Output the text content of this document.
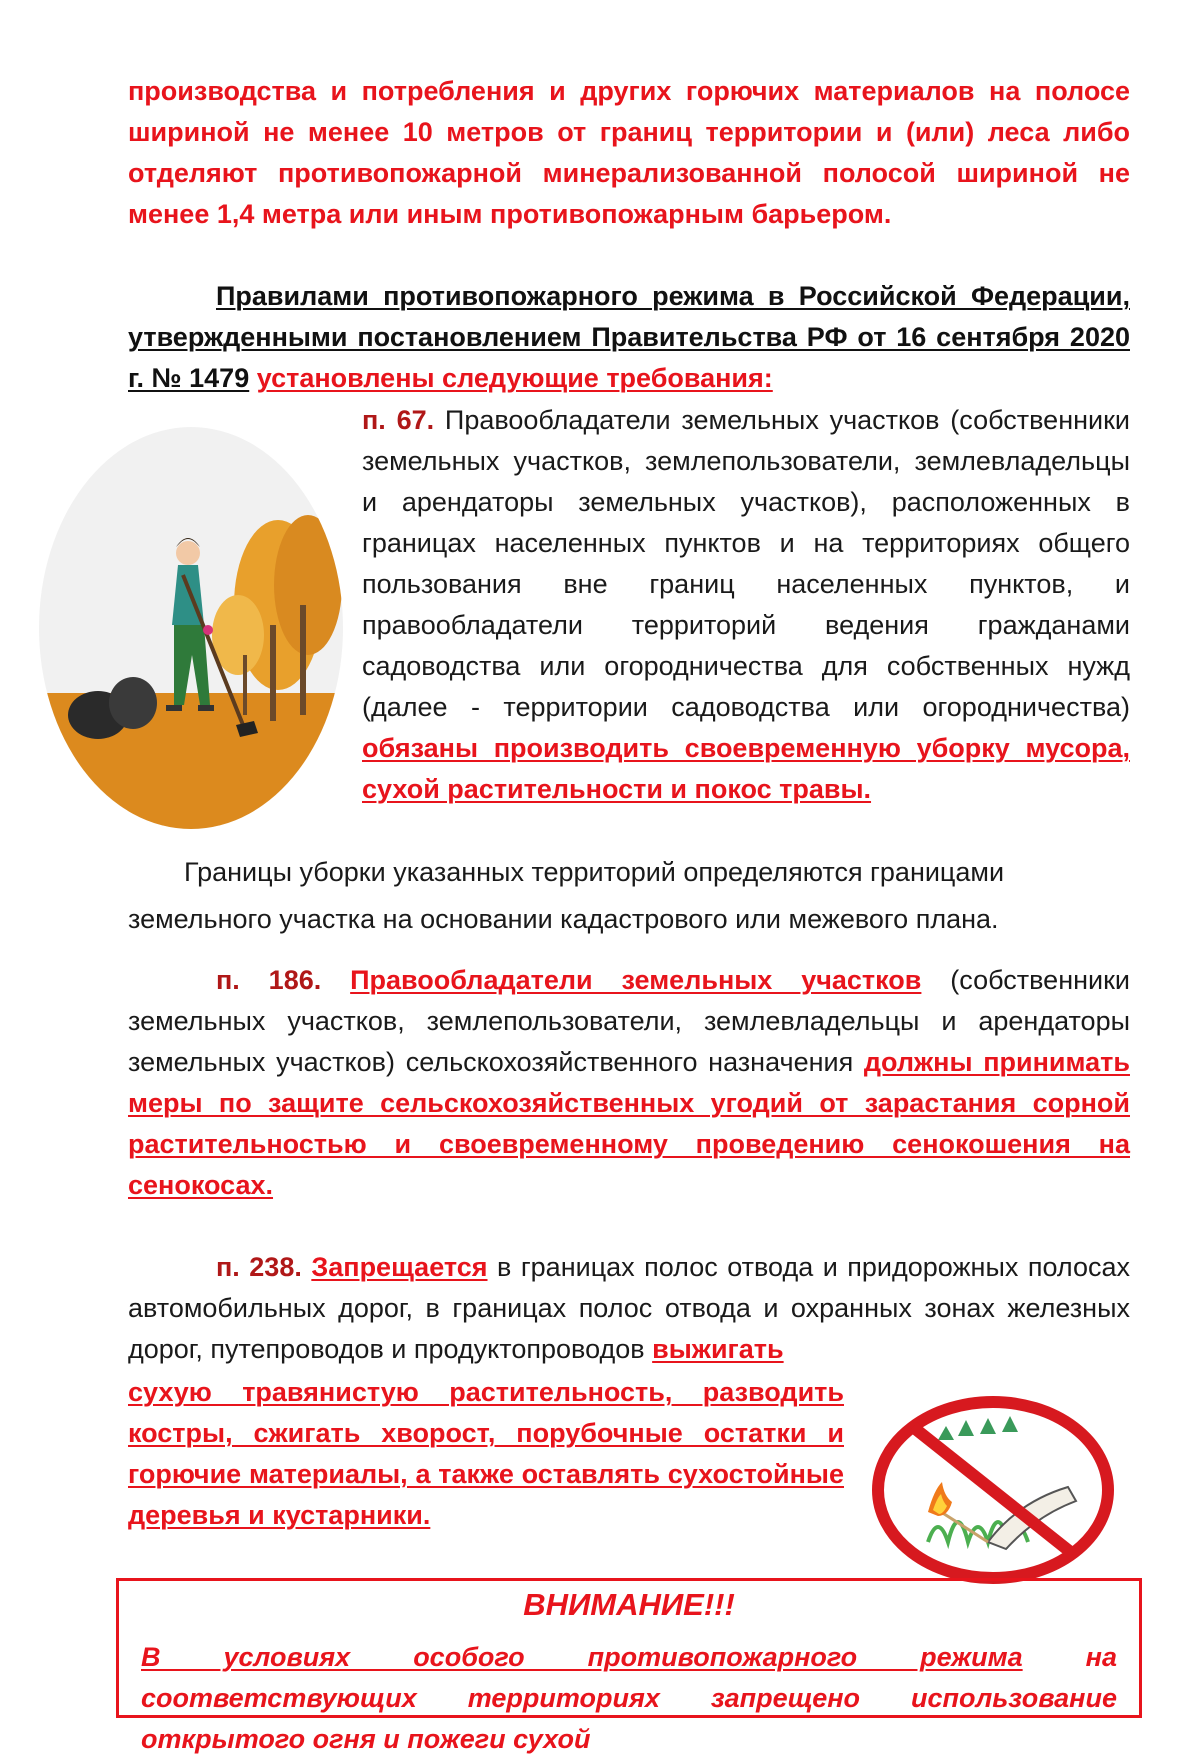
производства и потребления и других горючих материалов на полосе шириной не менее 10 метров от границ территории и (или) леса либо отделяют противопожарной минерализованной полосой шириной не менее 1,4 метра или иным противопожарным барьером.

Правилами противопожарного режима в Российской Федерации, утвержденными постановлением Правительства РФ от 16 сентября 2020 г. № 1479 установлены следующие требования:

п. 67. Правообладатели земельных участков (собственники земельных участков, землепользователи, землевладельцы и арендаторы земельных участков), расположенных в границах населенных пунктов и на территориях общего пользования вне границ населенных пунктов, и правообладатели территорий ведения гражданами садоводства или огородничества для собственных нужд (далее - территории садоводства или огородничества) обязаны производить своевременную уборку мусора, сухой растительности и покос травы.

Границы уборки указанных территорий определяются границами
земельного участка на основании кадастрового или межевого плана.

п. 186. Правообладатели земельных участков (собственники земельных участков, землепользователи, землевладельцы и арендаторы земельных участков) сельскохозяйственного назначения должны принимать меры по защите сельскохозяйственных угодий от зарастания сорной растительностью и своевременному проведению сенокошения на сенокосах.

п. 238. Запрещается в границах полос отвода и придорожных полосах автомобильных дорог, в границах полос отвода и охранных зонах железных дорог, путепроводов и продуктопроводов выжигать

сухую травянистую растительность, разводить костры, сжигать хворост, порубочные остатки и горючие материалы, а также оставлять сухостойные деревья и кустарники.

ВНИМАНИЕ!!!
В условиях особого противопожарного режима на соответствующих территориях запрещено использование открытого огня и пожеги сухой
